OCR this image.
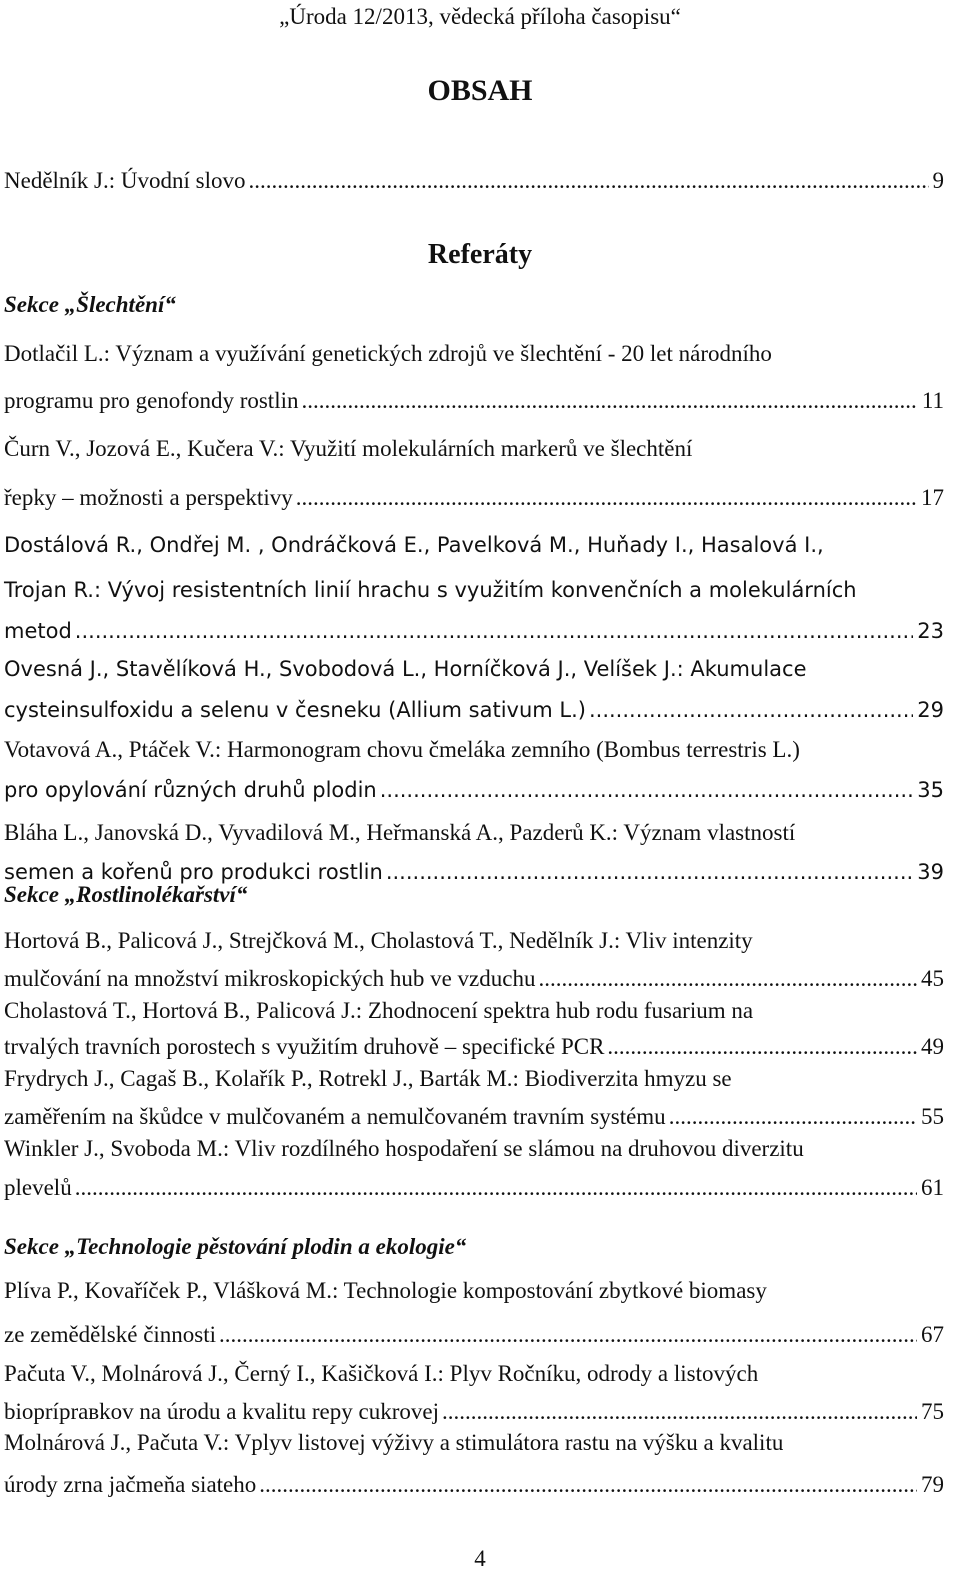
„Úroda 12/2013, vědecká příloha časopisu“
OBSAH
Nedělník J.: Úvodní slovo .....	9
Referáty
Sekce „Šlechtění“
Dotlačil L.: Význam a využívání genetických zdrojů ve šlechtění - 20 let národního
programu pro genofondy rostlin .....	11
Čurn V., Jozová E., Kučera V.: Využití molekulárních markerů ve šlechtění
řepky – možnosti a perspektivy .....	17
Dostálová R., Ondřej M. , Ondráčková E., Pavelková M., Huňady I., Hasalová I.,
Trojan R.: Vývoj resistentních linií hrachu s využitím konvenčních a molekulárních
metod .....	23
Ovesná J., Stavělíková H., Svobodová L., Horníčková J., Velíšek J.: Akumulace
cysteinsulfoxidu a selenu v česneku (Allium sativum L.) .....	29
Votavová A., Ptáček V.: Harmonogram chovu čmeláka zemního (Bombus terrestris L.)
pro opylování různých druhů plodin .....	35
Bláha L., Janovská D., Vyvadilová M., Heřmanská A., Pazderů K.: Význam vlastností
semen a kořenů pro produkci rostlin .....	39
Sekce „Rostlinolékařství“
Hortová B., Palicová J., Strejčková M., Cholastová T., Nedělník J.: Vliv intenzity
mulčování na množství mikroskopických hub ve vzduchu .....	45
Cholastová T., Hortová B., Palicová J.: Zhodnocení spektra hub rodu fusarium na
trvalých travních porostech s využitím druhově – specifické PCR .....	49
Frydrych J., Cagaš B., Kolařík P., Rotrekl J., Barták M.: Biodiverzita hmyzu se
zaměřením na škůdce v mulčovaném a nemulčovaném travním systému .....	55
Winkler J., Svoboda M.: Vliv rozdílného hospodaření se slámou na druhovou diverzitu
plevelů .....	61
Sekce „Technologie pěstování plodin a ekologie“
Plíva P., Kovaříček P., Vlášková M.: Technologie kompostování zbytkové biomasy
ze zemědělské činnosti .....	67
Pačuta V., Molnárová J., Černý I., Kašičková I.: Plyv Ročníku, odrody a listových
biopríprавkov na úrodu a kvalitu repy cukrovej .....	75
Molnárová J., Pačuta V.: Vplyv listovej výživy a stimulátora rastu na výšku a kvalitu
úrody zrna jačmeňa siateho .....	79
4
